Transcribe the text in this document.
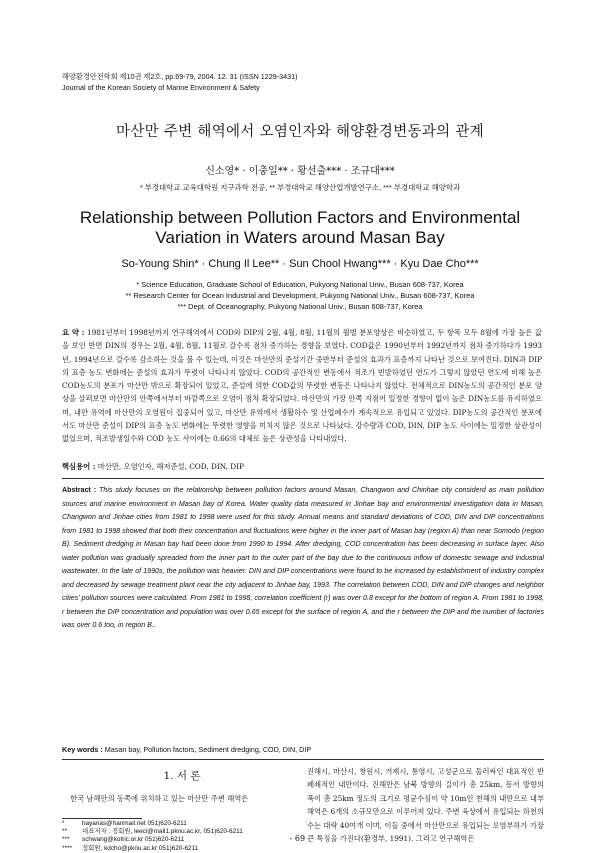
해양환경안전학회 제10권 제2호, pp.69-79, 2004. 12. 31 (ISSN 1229-3431)
Journal of the Korean Society of Marine Environment & Safety
마산만 주변 해역에서 오염인자와 해양환경변동과의 관계
신소영* · 이충일** · 황선출*** · 조규대***
* 부경대학교 교육대학원 지구과학 전공, ** 부경대학교 해양산업개발연구소, *** 부경대학교 해양학과
Relationship between Pollution Factors and Environmental
Variation in Waters around Masan Bay
So-Young Shin* · Chung Il Lee** · Sun Chool Hwang*** · Kyu Dae Cho***
* Science Education, Graduate School of Education, Pukyong National Univ., Busan 608-737, Korea
** Research Center for Ocean Industrial and Development, Pukyong National Univ., Busan 608-737, Korea
*** Dept. of Oceanography, Pukyong National Univ., Busan 608-737, Korea
요 약 : 1981년부터 1998년까지 연구해역에서 COD와 DIP의 2월, 4월, 8월, 11월의 월별 분포양상은 비슷하였고, 두 항목 모두 8월에 가장 높은 값을 보인 반면 DIN의 경우는 2월, 4월, 8월, 11월로 갈수록 점차 증가하는 경향을 보였다. COD값은 1990년부터 1992년까지 점차 증가하다가 1993년, 1994년으로 갈수록 감소하는 것을 볼 수 있는데, 이것은 마산만의 준설기간 중반부터 준설의 효과가 표층까지 나타난 것으로 보여진다. DIN과 DIP의 표층 농도 변화에는 준설의 효과가 뚜렷이 나타나지 않았다. COD의 공간적인 변동에서 적조가 빈발하였던 연도가 그렇지 않았던 연도에 비해 높은 COD농도의 분포가 마산만 밖으로 확장되어 있었고, 준설에 의한 COD값의 뚜렷한 변동은 나타나지 않았다. 전체적으로 DIN농도의 공간적인 분포 양상을 살펴보면 마산만의 안쪽에서부터 바깥쪽으로 오염이 점차 확장되었다. 마산만의 가장 안쪽 지점이 일정한 경향이 없이 높은 DIN농도를 유지하였으며, 내만 유역에 마산만의 오염원이 집중되어 있고, 마산만 유역에서 생활하수 및 산업폐수가 계속적으로 유입되고 있었다. DIP농도의 공간적인 분포에서도 마산만 준설이 DIP의 표층 농도 변화에는 뚜렷한 영향을 미치지 않은 것으로 나타났다. 강수량과 COD, DIN, DIP 농도 사이에는 일정한 상관성이 없었으며, 적조발생일수와 COD 농도 사이에는 0.66의 대체로 높은 상관성을 나타내었다.
핵심용어 : 마산만, 오염인자, 해저준설, COD, DIN, DIP
Abstract : This study focuses on the relationship between pollution factors around Masan, Changwon and Chinhae city considerd as main pollution sources and marine environment in Masan bay of Korea. Water quality data measured in Jinhae bay and environmental investigation data in Masan, Changwon and Jinhae cities from 1981 to 1998 were used for this study. Annual means and standard deviations of COD, DIN and DIP concentrations from 1981 to 1998 showed that both their concentration and fluctuations were higher in the inner part of Masan bay (region A) than near Somodo (region B). Sediment dredging in Masan bay had been done from 1990 to 1994. After dredging, COD concentration has been decreasing in surface layer. Also water pollution was gradually spreaded from the inner part to the outer part of the bay due to the continuous inflow of domestic sewage and industrial wastewater. In the late of 1990s, the pollution was heavier. DIN and DIP concentrations were found to be increased by establishment of industry complex and decreased by sewage treatment plant near the city adjacent to Jinhae bay, 1993. The correlation between COD, DIN and DIP changes and neighbor cities' pollution sources were calculated. From 1981 to 1998, correlation coefficient (r) was over 0.8 except for the bottom of region A. From 1981 to 1998, r between the DIP concentration and population was over 0.65 except for the surface of region A, and the r between the DIP and the number of factories was over 0.6 too, in region B..
Key words : Masan bay, Pollution factors, Sediment dredging, COD, DIN, DIP
1. 서 론
한국 남해안의 동쪽에 위치하고 있는 마산만 주변 해역은
진해시, 마산시, 창원시, 거제시, 통영시, 고성군으로 둘러싸인 대표적인 반폐쇄적인 내만이다. 진해만은 남북 방향의 길이가 총 25km, 동서 방향의 폭이 총 25km 정도의 크기로 평균수심이 약 10m인 천해의 내만으로 내부해역은 6개의 소규모만으로 이루어져 있다. 주변 육상에서 유입되는 하천의 수는 대략 40여개 이며, 이들 중에서 마산만으로 유입되는 오염부하가 가장 큰 특징을 가진다(환경부, 1991). 그리고 연구해역은
*	hayanas@hanmail.net 051)620-6211
**	대표저자 : 정회원, leeci@mail1.pknu.ac.kr, 051)620-6211
***	schwang@kotric.or.kr 051)620-6211
****	정회원, kdcho@pknu.ac.kr 051)620-6211
- 69 -
